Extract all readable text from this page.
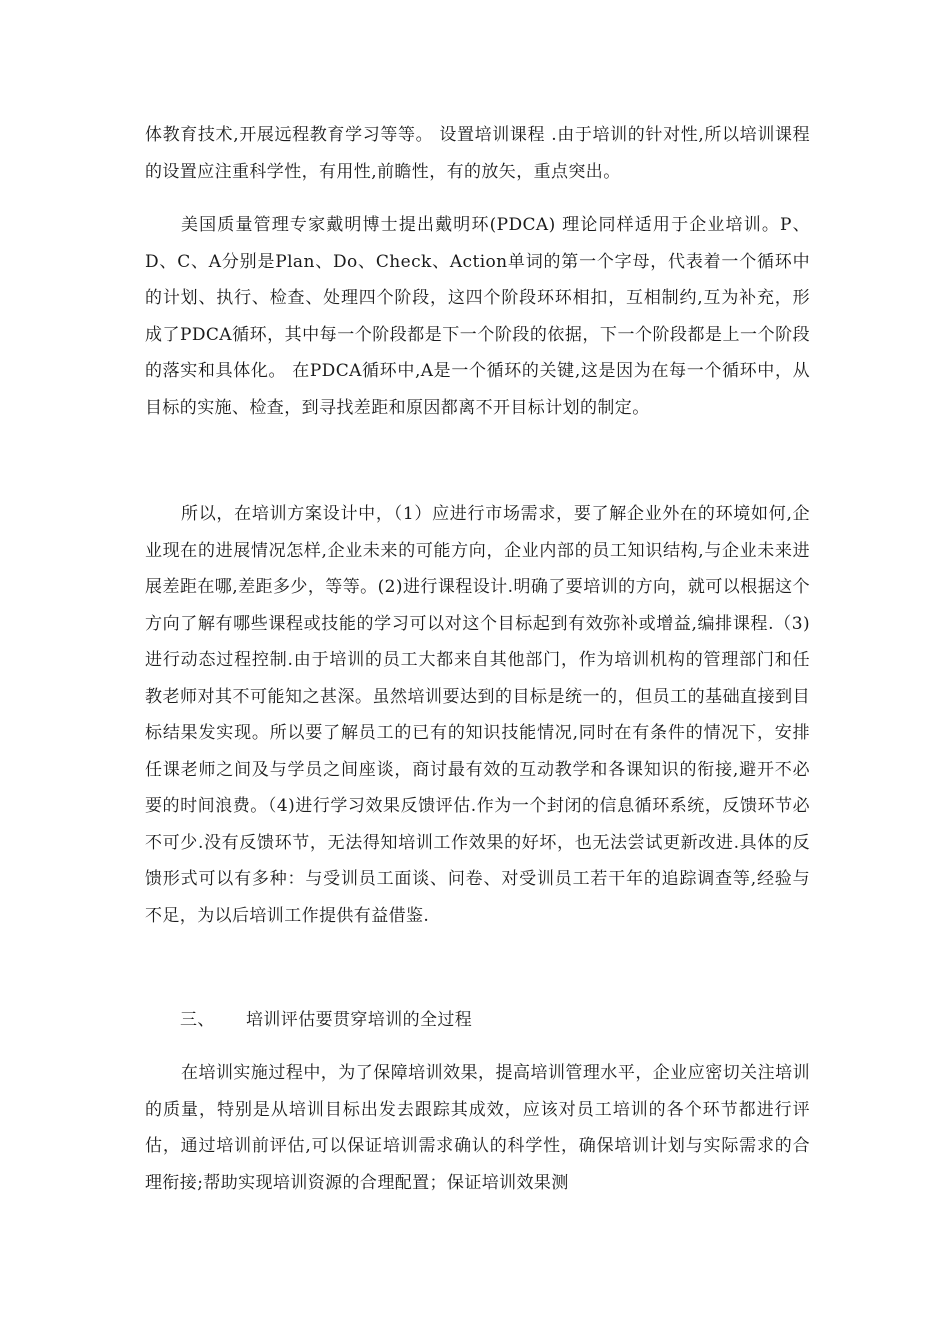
体教育技术,开展远程教育学习等等。 设置培训课程 .由于培训的针对性,所以培训课程的设置应注重科学性，有用性,前瞻性，有的放矢，重点突出。

美国质量管理专家戴明博士提出戴明环(PDCA) 理论同样适用于企业培训。P、D、C、A分别是Plan、Do、Check、Action单词的第一个字母，代表着一个循环中的计划、执行、检查、处理四个阶段，这四个阶段环环相扣，互相制约,互为补充，形成了PDCA循环，其中每一个阶段都是下一个阶段的依据，下一个阶段都是上一个阶段的落实和具体化。 在PDCA循环中,A是一个循环的关键,这是因为在每一个循环中，从目标的实施、检查，到寻找差距和原因都离不开目标计划的制定。

所以，在培训方案设计中，（1）应进行市场需求，要了解企业外在的环境如何,企业现在的进展情况怎样,企业未来的可能方向，企业内部的员工知识结构,与企业未来进展差距在哪,差距多少，等等。(2)进行课程设计.明确了要培训的方向，就可以根据这个方向了解有哪些课程或技能的学习可以对这个目标起到有效弥补或增益,编排课程.（3)进行动态过程控制.由于培训的员工大都来自其他部门，作为培训机构的管理部门和任教老师对其不可能知之甚深。虽然培训要达到的目标是统一的，但员工的基础直接到目标结果发实现。所以要了解员工的已有的知识技能情况,同时在有条件的情况下，安排任课老师之间及与学员之间座谈，商讨最有效的互动教学和各课知识的衔接,避开不必要的时间浪费。（4)进行学习效果反馈评估.作为一个封闭的信息循环系统，反馈环节必不可少.没有反馈环节，无法得知培训工作效果的好坏，也无法尝试更新改进.具体的反馈形式可以有多种：与受训员工面谈、问卷、对受训员工若干年的追踪调查等,经验与不足，为以后培训工作提供有益借鉴.

三、 培训评估要贯穿培训的全过程

在培训实施过程中，为了保障培训效果，提高培训管理水平，企业应密切关注培训的质量，特别是从培训目标出发去跟踪其成效，应该对员工培训的各个环节都进行评估，通过培训前评估,可以保证培训需求确认的科学性，确保培训计划与实际需求的合理衔接;帮助实现培训资源的合理配置；保证培训效果测
